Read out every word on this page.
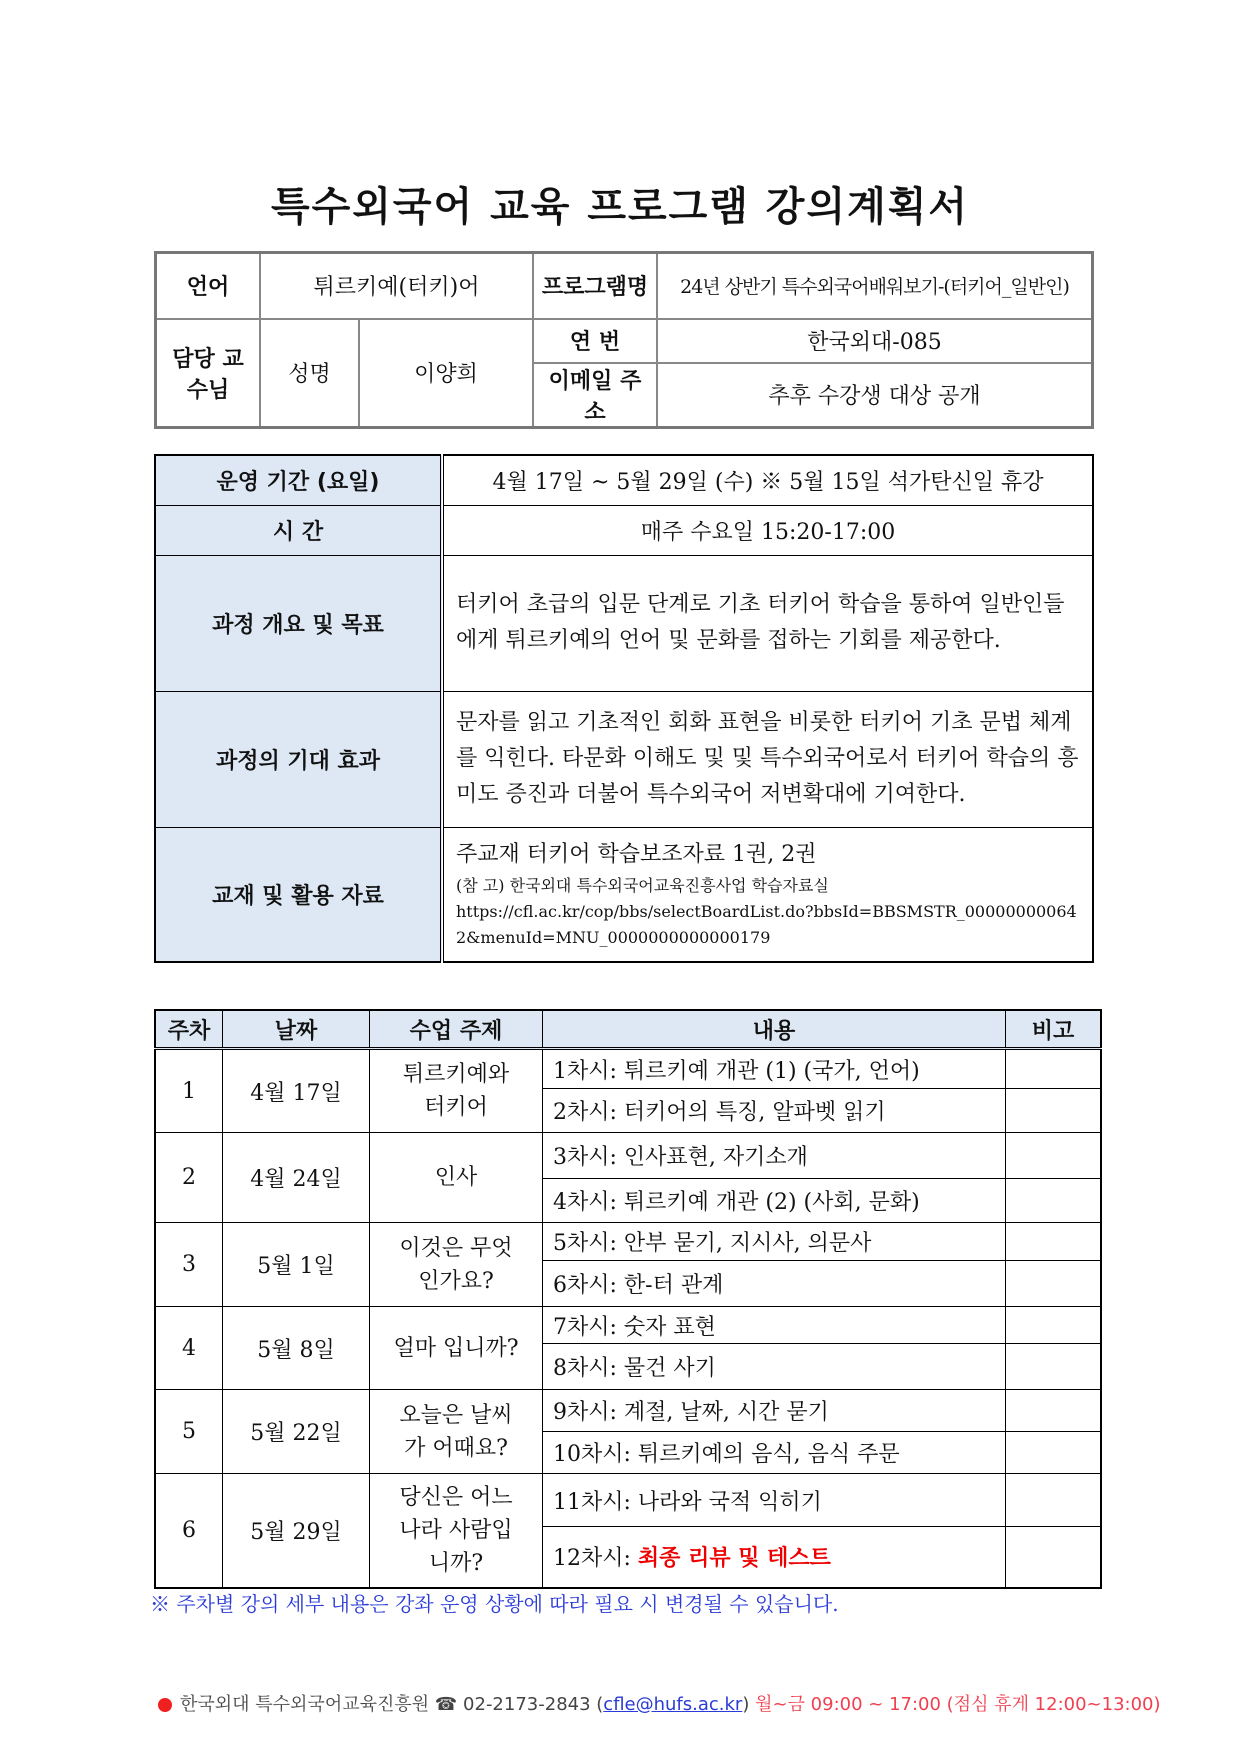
특수외국어 교육 프로그램 강의계획서
언어	튀르키예(터키)어		프로그램명	24년 상반기 특수외국어배워보기-(터키어_일반인)
담당 교수님	성명	이양희	연 번	한국외대-085
			이메일 주소	추후 수강생 대상 공개
운영 기간 (요일)	4월 17일 ~ 5월 29일 (수) ※ 5월 15일 석가탄신일 휴강
시 간	매주 수요일 15:20-17:00
과정 개요 및 목표	터키어 초급의 입문 단계로 기초 터키어 학습을 통하여 일반인들에게 튀르키예의 언어 및 문화를 접하는 기회를 제공한다.
과정의 기대 효과	문자를 읽고 기초적인 회화 표현을 비롯한 터키어 기초 문법 체계를 익힌다. 타문화 이해도 및 및 특수외국어로서 터키어 학습의 흥미도 증진과 더불어 특수외국어 저변확대에 기여한다.
교재 및 활용 자료	주교재 터키어 학습보조자료 1권, 2권
(참 고) 한국외대 특수외국어교육진흥사업 학습자료실
https://cfl.ac.kr/cop/bbs/selectBoardList.do?bbsId=BBSMSTR_000000000642&menuId=MNU_0000000000000179
주차	날짜	수업 주제	내용	비고
1	4월 17일	튀르키예와 터키어	1차시: 튀르키예 개관 (1) (국가, 언어)	
			2차시: 터키어의 특징, 알파벳 읽기	
2	4월 24일	인사	3차시: 인사표현, 자기소개	
			4차시: 튀르키예 개관 (2) (사회, 문화)	
3	5월 1일	이것은 무엇인가요?	5차시: 안부 묻기, 지시사, 의문사	
			6차시: 한-터 관계	
4	5월 8일	얼마 입니까?	7차시: 숫자 표현	
			8차시: 물건 사기	
5	5월 22일	오늘은 날씨가 어때요?	9차시: 계절, 날짜, 시간 묻기	
			10차시: 튀르키예의 음식, 음식 주문	
6	5월 29일	당신은 어느 나라 사람입니까?	11차시: 나라와 국적 익히기	
			12차시: 최종 리뷰 및 테스트	
※ 주차별 강의 세부 내용은 강좌 운영 상황에 따라 필요 시 변경될 수 있습니다.
한국외대 특수외국어교육진흥원 ☎ 02-2173-2843 (cfle@hufs.ac.kr) 월~금 09:00 ~ 17:00 (점심 휴게 12:00~13:00)
